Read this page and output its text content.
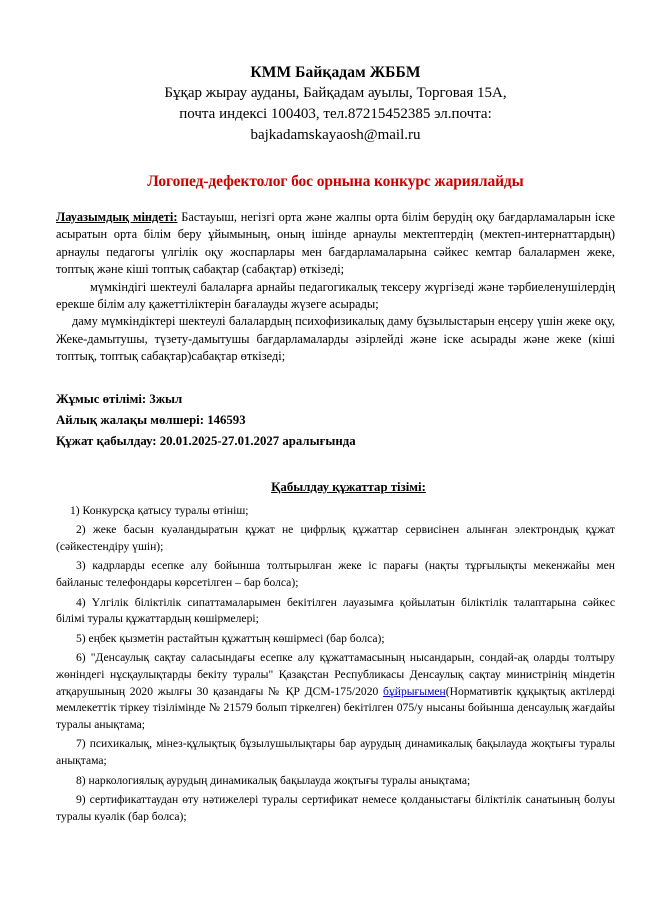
КММ Байқадам ЖББМ
Бұқар жырау ауданы, Байқадам ауылы, Торговая 15А,
почта индексі 100403, тел.87215452385 эл.почта:
bajkadamskayaosh@mail.ru
Логопед-дефектолог бос орнына конкурс жариялайды

Лауазымдық міндеті: Бастауыш, негізгі орта және жалпы орта білім берудің оқу бағдарламаларын іске асыратын орта білім беру ұйымының, оның ішінде арнаулы мектептердің (мектеп-интернаттардың) арнаулы педагогы үлгілік оқу жоспарлары мен бағдарламаларына сәйкес кемтар балалармен жеке, топтық және кіші топтық сабақтар (сабақтар) өткізеді;

мүмкіндігі шектеулі балаларға арнайы педагогикалық тексеру жүргізеді және тәрбиеленушілердің ерекше білім алу қажеттіліктерін бағалауды жүзеге асырады;

даму мүмкіндіктері шектеулі балалардың психофизикалық даму бұзылыстарын еңсеру үшін жеке оқу, Жеке-дамытушы, түзету-дамытушы бағдарламаларды әзірлейді және іске асырады және жеке (кіші топтық, топтық сабақтар)сабақтар өткізеді;

Жұмыс өтілімі: 3жыл
Айлық жалақы мөлшері: 146593
Құжат қабылдау: 20.01.2025-27.01.2027 аралығында
Қабылдау құжаттар тізімі:

1) Конкурсқа қатысу туралы өтініш;

2) жеке басын куәландыратын құжат не цифрлық құжаттар сервисінен алынған электрондық құжат (сәйкестендіру үшін);

3) кадрларды есепке алу бойынша толтырылған жеке іс парағы (нақты тұрғылықты мекенжайы мен байланыс телефондары көрсетілген – бар болса);

4) Үлгілік біліктілік сипаттамаларымен бекітілген лауазымға қойылатын біліктілік талаптарына сәйкес білімі туралы құжаттардың көшірмелері;

5) еңбек қызметін растайтын құжаттың көшірмесі (бар болса);

6) "Денсаулық сақтау саласындағы есепке алу құжаттамасының нысандарын, сондай-ақ оларды толтыру жөніндегі нұсқаулықтарды бекіту туралы" Қазақстан Республикасы Денсаулық сақтау министрінің міндетін атқарушының 2020 жылғы 30 қазандағы № ҚР ДСМ-175/2020 бұйрығымен(Нормативтік құқықтық актілерді мемлекеттік тіркеу тізілімінде № 21579 болып тіркелген) бекітілген 075/у нысаны бойынша денсаулық жағдайы туралы анықтама;

7) психикалық, мінез-құлықтық бұзылушылықтары бар аурудың динамикалық бақылауда жоқтығы туралы анықтама;

8) наркологиялық аурудың динамикалық бақылауда жоқтығы туралы анықтама;

9) сертификаттаудан өту нәтижелері туралы сертификат немесе қолданыстағы біліктілік санатының болуы туралы куәлік (бар болса);
